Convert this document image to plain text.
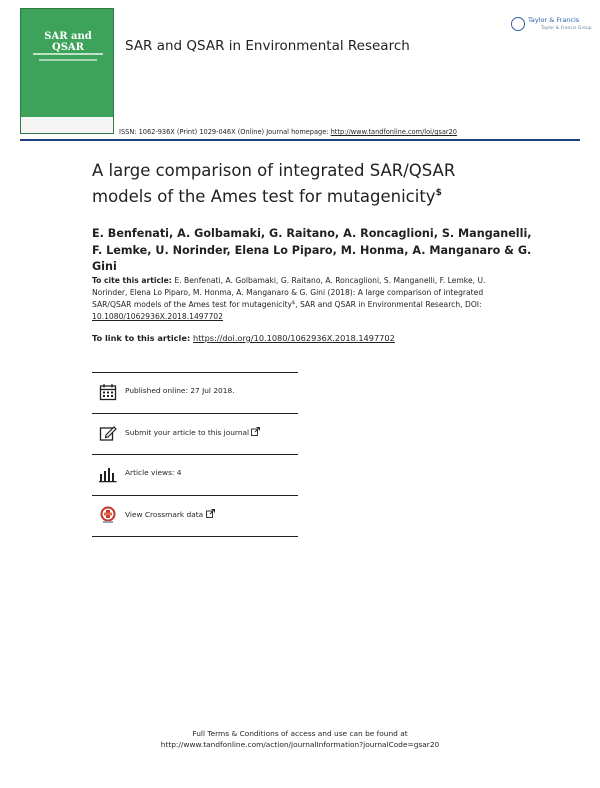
SAR and QSAR	SAR and QSAR in Environmental Research
Taylor & Francis
Taylor & Francis Group
ISSN: 1062-936X (Print) 1029-046X (Online) Journal homepage: http://www.tandfonline.com/loi/gsar20
A large comparison of integrated SAR/QSAR
models of the Ames test for mutagenicity$
E. Benfenati, A. Golbamaki, G. Raitano, A. Roncaglioni, S. Manganelli, F. Lemke, U. Norinder, Elena Lo Piparo, M. Honma, A. Manganaro & G. Gini
To cite this article: E. Benfenati, A. Golbamaki, G. Raitano, A. Roncaglioni, S. Manganelli, F. Lemke, U. Norinder, Elena Lo Piparo, M. Honma, A. Manganaro & G. Gini (2018): A large comparison of integrated SAR/QSAR models of the Ames test for mutagenicity$, SAR and QSAR in Environmental Research, DOI: 10.1080/1062936X.2018.1497702
To link to this article: https://doi.org/10.1080/1062936X.2018.1497702
Published online: 27 Jul 2018.
Submit your article to this journal
Article views: 4
View Crossmark data
Full Terms & Conditions of access and use can be found at
http://www.tandfonline.com/action/journalInformation?journalCode=gsar20
